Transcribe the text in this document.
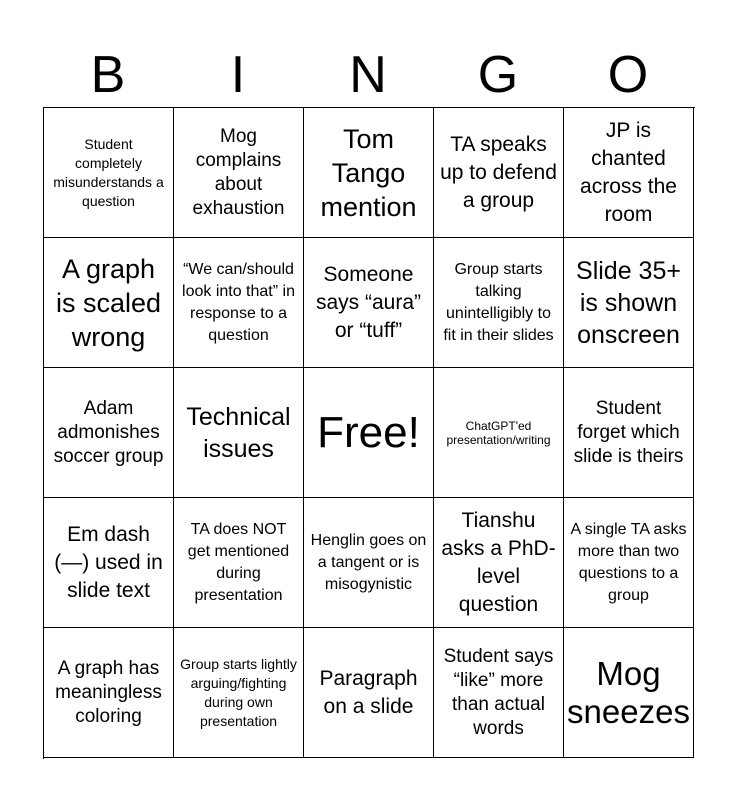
B	I	N	G	O
Student completely misunderstands a question
Mog complains about exhaustion
Tom Tango mention
TA speaks up to defend a group
JP is chanted across the room
A graph is scaled wrong
“We can/should look into that” in response to a question
Someone says “aura” or “tuff”
Group starts talking unintelligibly to fit in their slides
Slide 35+ is shown onscreen
Adam admonishes soccer group
Technical issues Free!	ChatGPT'ed presentation/writing
Student forget which slide is theirs
Em dash (—) used in slide text
TA does NOT get mentioned during presentation
Henglin goes on a tangent or is misogynistic
Tianshu asks a PhD-level question
A single TA asks more than two questions to a group
A graph has meaningless coloring
Group starts lightly arguing/fighting during own presentation
Paragraph on a slide
Student says “like” more than actual words
Mog sneezes
